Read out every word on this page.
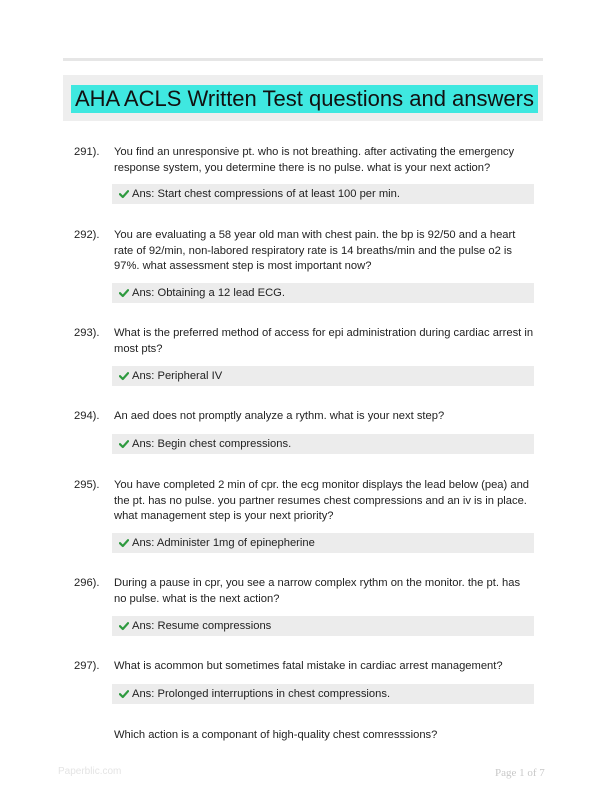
AHA ACLS Written Test questions and answers
291). You find an unresponsive pt. who is not breathing. after activating the emergency response system, you determine there is no pulse. what is your next action?
Ans: Start chest compressions of at least 100 per min.
292). You are evaluating a 58 year old man with chest pain. the bp is 92/50 and a heart rate of 92/min, non-labored respiratory rate is 14 breaths/min and the pulse o2 is 97%. what assessment step is most important now?
Ans: Obtaining a 12 lead ECG.
293). What is the preferred method of access for epi administration during cardiac arrest in most pts?
Ans: Peripheral IV
294). An aed does not promptly analyze a rythm. what is your next step?
Ans: Begin chest compressions.
295). You have completed 2 min of cpr. the ecg monitor displays the lead below (pea) and the pt. has no pulse. you partner resumes chest compressions and an iv is in place. what management step is your next priority?
Ans: Administer 1mg of epinepherine
296). During a pause in cpr, you see a narrow complex rythm on the monitor. the pt. has no pulse. what is the next action?
Ans: Resume compressions
297). What is acommon but sometimes fatal mistake in cardiac arrest management?
Ans: Prolonged interruptions in chest compressions.
Which action is a componant of high-quality chest comresssions?
Paperblic.com	Page 1 of 7
